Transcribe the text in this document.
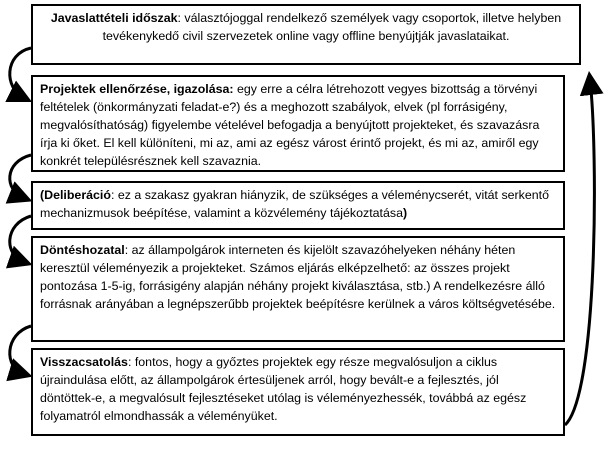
Javaslattételi időszak: választójoggal rendelkező személyek vagy csoportok, illetve helyben tevékenykedő civil szervezetek online vagy offline benyújtják javaslataikat.
Projektek ellenőrzése, igazolása: egy erre a célra létrehozott vegyes bizottság a törvényi feltételek (önkormányzati feladat-e?) és a meghozott szabályok, elvek (pl forrásigény, megvalósíthatóság) figyelembe vételével befogadja a benyújtott projekteket, és szavazásra írja ki őket. El kell különíteni, mi az, ami az egész várost érintő projekt, és mi az, amiről egy konkrét településrésznek kell szavaznia.
(Deliberáció: ez a szakasz gyakran hiányzik, de szükséges a véleménycserét, vitát serkentő mechanizmusok beépítése, valamint a közvélemény tájékoztatása)
Döntéshozatal: az állampolgárok interneten és kijelölt szavazóhelyeken néhány héten keresztül véleményezik a projekteket. Számos eljárás elképzelhető: az összes projekt pontozása 1-5-ig, forrásigény alapján néhány projekt kiválasztása, stb.) A rendelkezésre álló forrásnak arányában a legnépszerűbb projektek beépítésre kerülnek a város költségvetésébe.
Visszacsatolás: fontos, hogy a győztes projektek egy része megvalósuljon a ciklus újraindulása előtt, az állampolgárok értesüljenek arról, hogy bevált-e a fejlesztés, jól döntöttek-e, a megvalósult fejlesztéseket utólag is véleményezhessék, továbbá az egész folyamatról elmondhassák a véleményüket.
